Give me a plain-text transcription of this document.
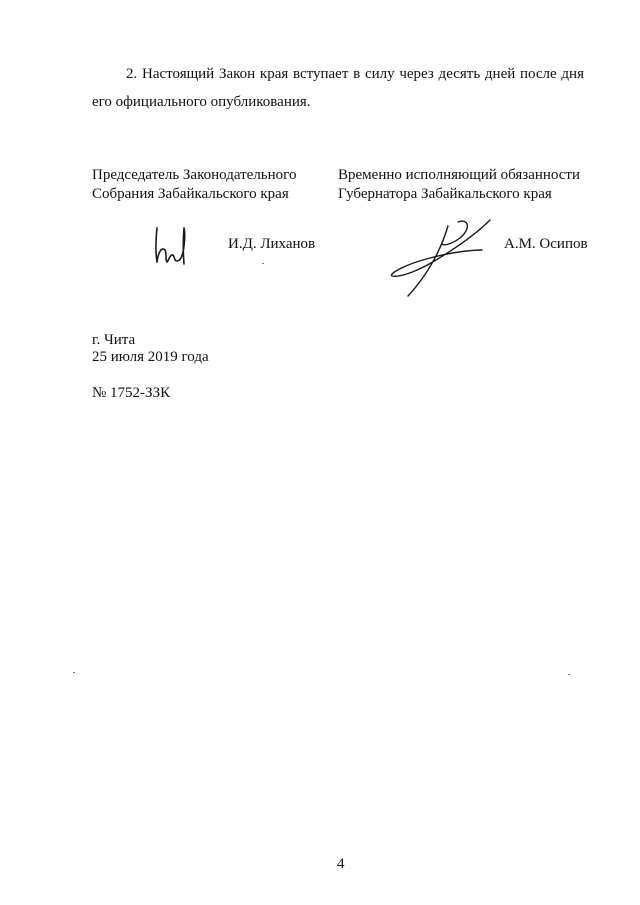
2. Настоящий Закон края вступает в силу через десять дней после дня
его официального опубликования.

Председатель Законодательного
Собрания Забайкальского края
И.Д. Лиханов
Временно исполняющий обязанности
Губернатора Забайкальского края
А.М. Осипов
г. Чита
25 июля 2019 года
№ 1752-ЗЗК
4
